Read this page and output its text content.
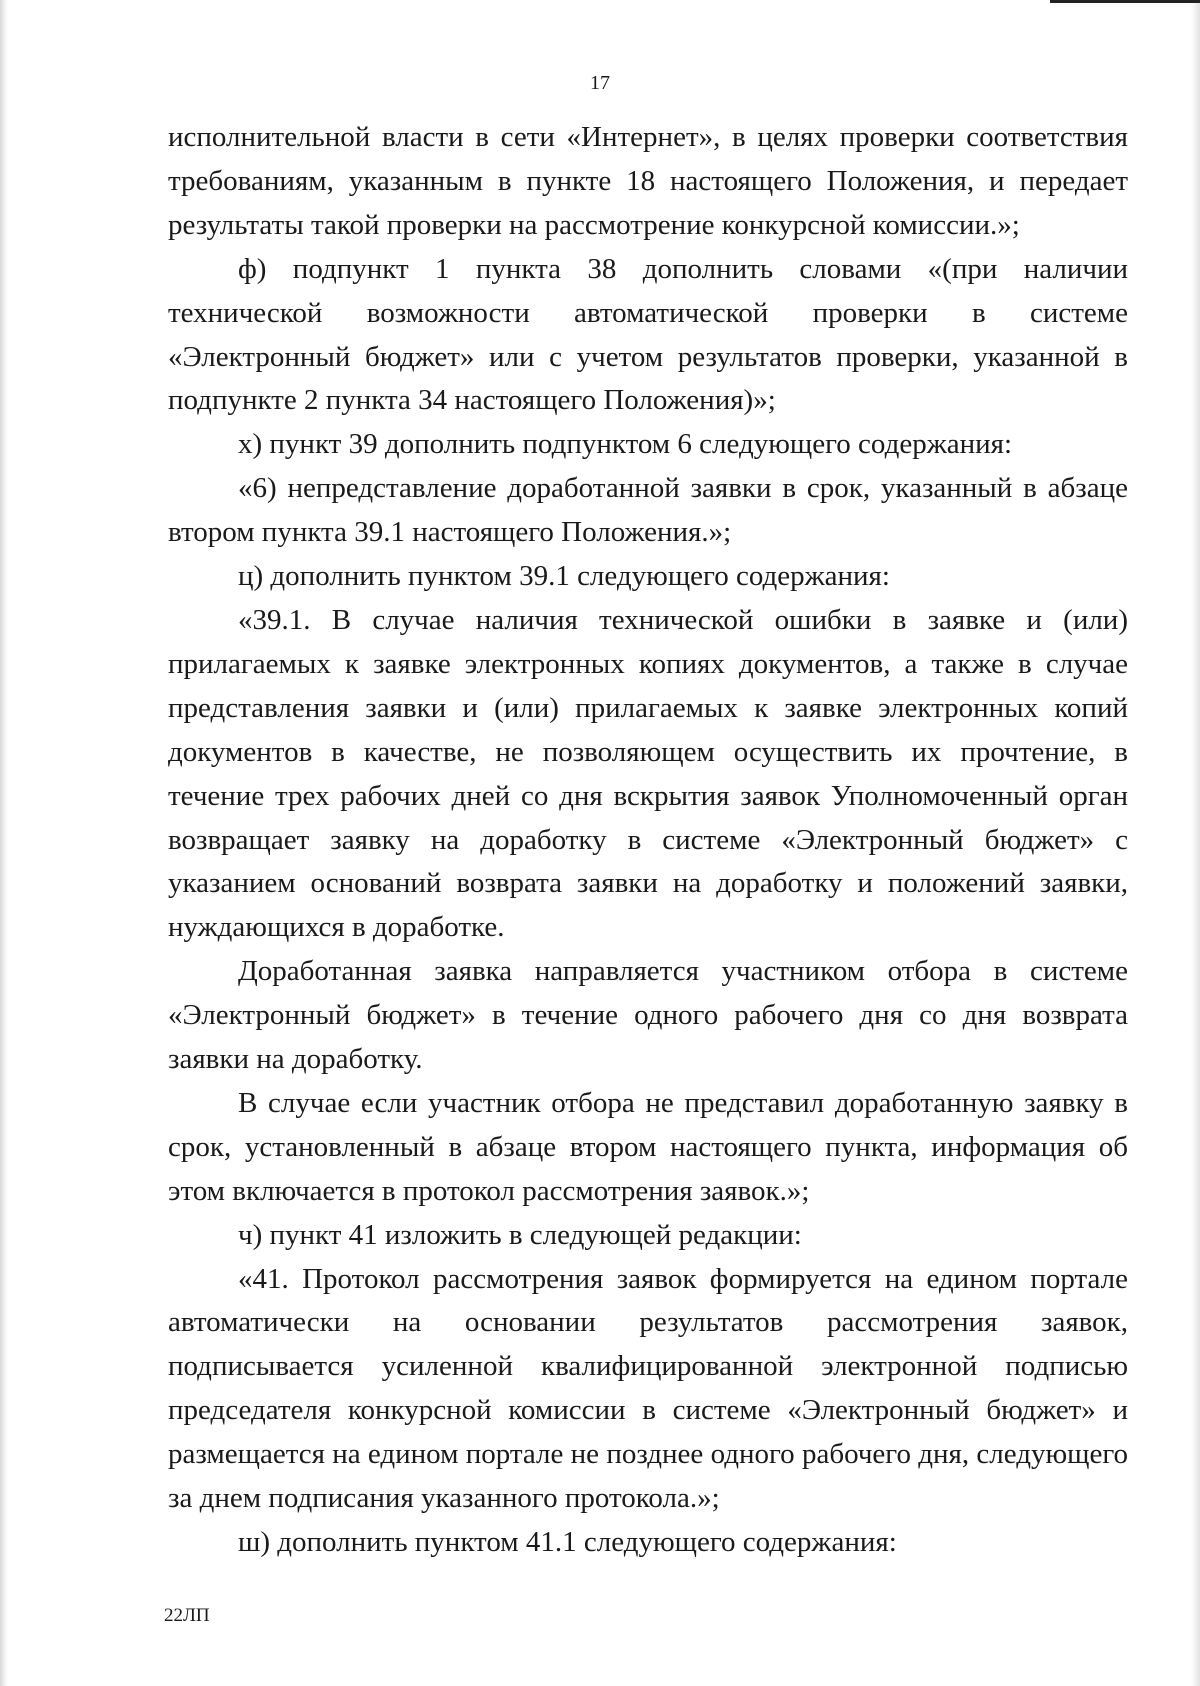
17

исполнительной власти в сети «Интернет», в целях проверки соответствия требованиям, указанным в пункте 18 настоящего Положения, и передает результаты такой проверки на рассмотрение конкурсной комиссии.»;

ф) подпункт 1 пункта 38 дополнить словами «(при наличии технической возможности автоматической проверки в системе «Электронный бюджет» или с учетом результатов проверки, указанной в подпункте 2 пункта 34 настоящего Положения)»;

х) пункт 39 дополнить подпунктом 6 следующего содержания:

«6) непредставление доработанной заявки в срок, указанный в абзаце втором пункта 39.1 настоящего Положения.»;

ц) дополнить пунктом 39.1 следующего содержания:

«39.1. В случае наличия технической ошибки в заявке и (или) прилагаемых к заявке электронных копиях документов, а также в случае представления заявки и (или) прилагаемых к заявке электронных копий документов в качестве, не позволяющем осуществить их прочтение, в течение трех рабочих дней со дня вскрытия заявок Уполномоченный орган возвращает заявку на доработку в системе «Электронный бюджет» с указанием оснований возврата заявки на доработку и положений заявки, нуждающихся в доработке.

Доработанная заявка направляется участником отбора в системе «Электронный бюджет» в течение одного рабочего дня со дня возврата заявки на доработку.

В случае если участник отбора не представил доработанную заявку в срок, установленный в абзаце втором настоящего пункта, информация об этом включается в протокол рассмотрения заявок.»;

ч) пункт 41 изложить в следующей редакции:

«41. Протокол рассмотрения заявок формируется на едином портале автоматически на основании результатов рассмотрения заявок, подписывается усиленной квалифицированной электронной подписью председателя конкурсной комиссии в системе «Электронный бюджет» и размещается на едином портале не позднее одного рабочего дня, следующего за днем подписания указанного протокола.»;

ш) дополнить пунктом 41.1 следующего содержания:

22ЛП
